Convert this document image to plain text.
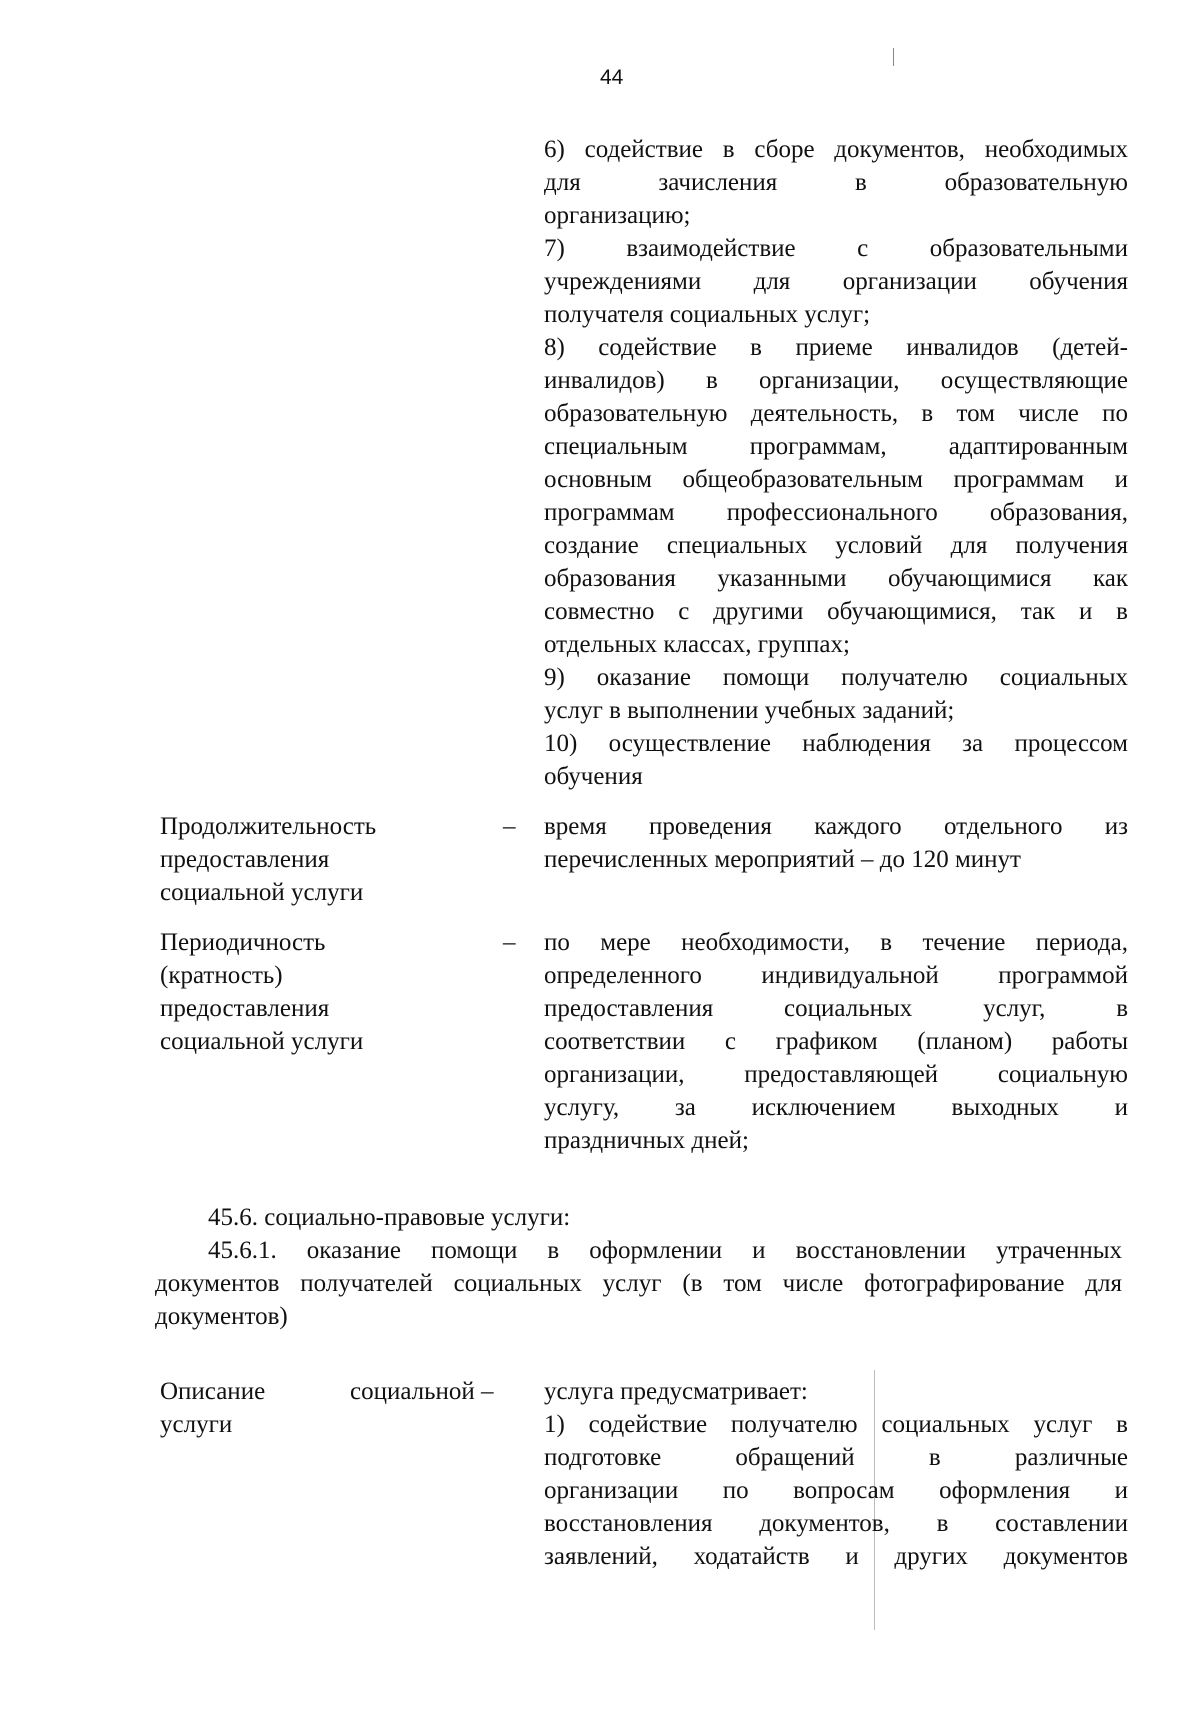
44
6) содействие в сборе документов, необходимых
для зачисления в образовательную
организацию;
7) взаимодействие с образовательными
учреждениями для организации обучения
получателя социальных услуг;
8) содействие в приеме инвалидов (детей-
инвалидов) в организации, осуществляющие
образовательную деятельность, в том числе по
специальным программам, адаптированным
основным общеобразовательным программам и
программам профессионального образования,
создание специальных условий для получения
образования указанными обучающимися как
совместно с другими обучающимися, так и в
отдельных классах, группах;
9) оказание помощи получателю социальных
услуг в выполнении учебных заданий;
10) осуществление наблюдения за процессом
обучения
Продолжительность
предоставления
социальной услуги
– время проведения каждого отдельного из
перечисленных мероприятий – до 120 минут
Периодичность
(кратность)
предоставления
социальной услуги
– по мере необходимости, в течение периода,
определенного индивидуальной программой
предоставления социальных услуг, в
соответствии с графиком (планом) работы
организации, предоставляющей социальную
услугу, за исключением выходных и
праздничных дней;
45.6. социально-правовые услуги:
45.6.1. оказание помощи в оформлении и восстановлении утраченных
документов получателей социальных услуг (в том числе фотографирование для
документов)
Описание	социальной –
услуги
услуга предусматривает:
1) содействие получателю социальных услуг в
подготовке обращений в различные
организации по вопросам оформления и
восстановления документов, в составлении
заявлений, ходатайств и других документов
